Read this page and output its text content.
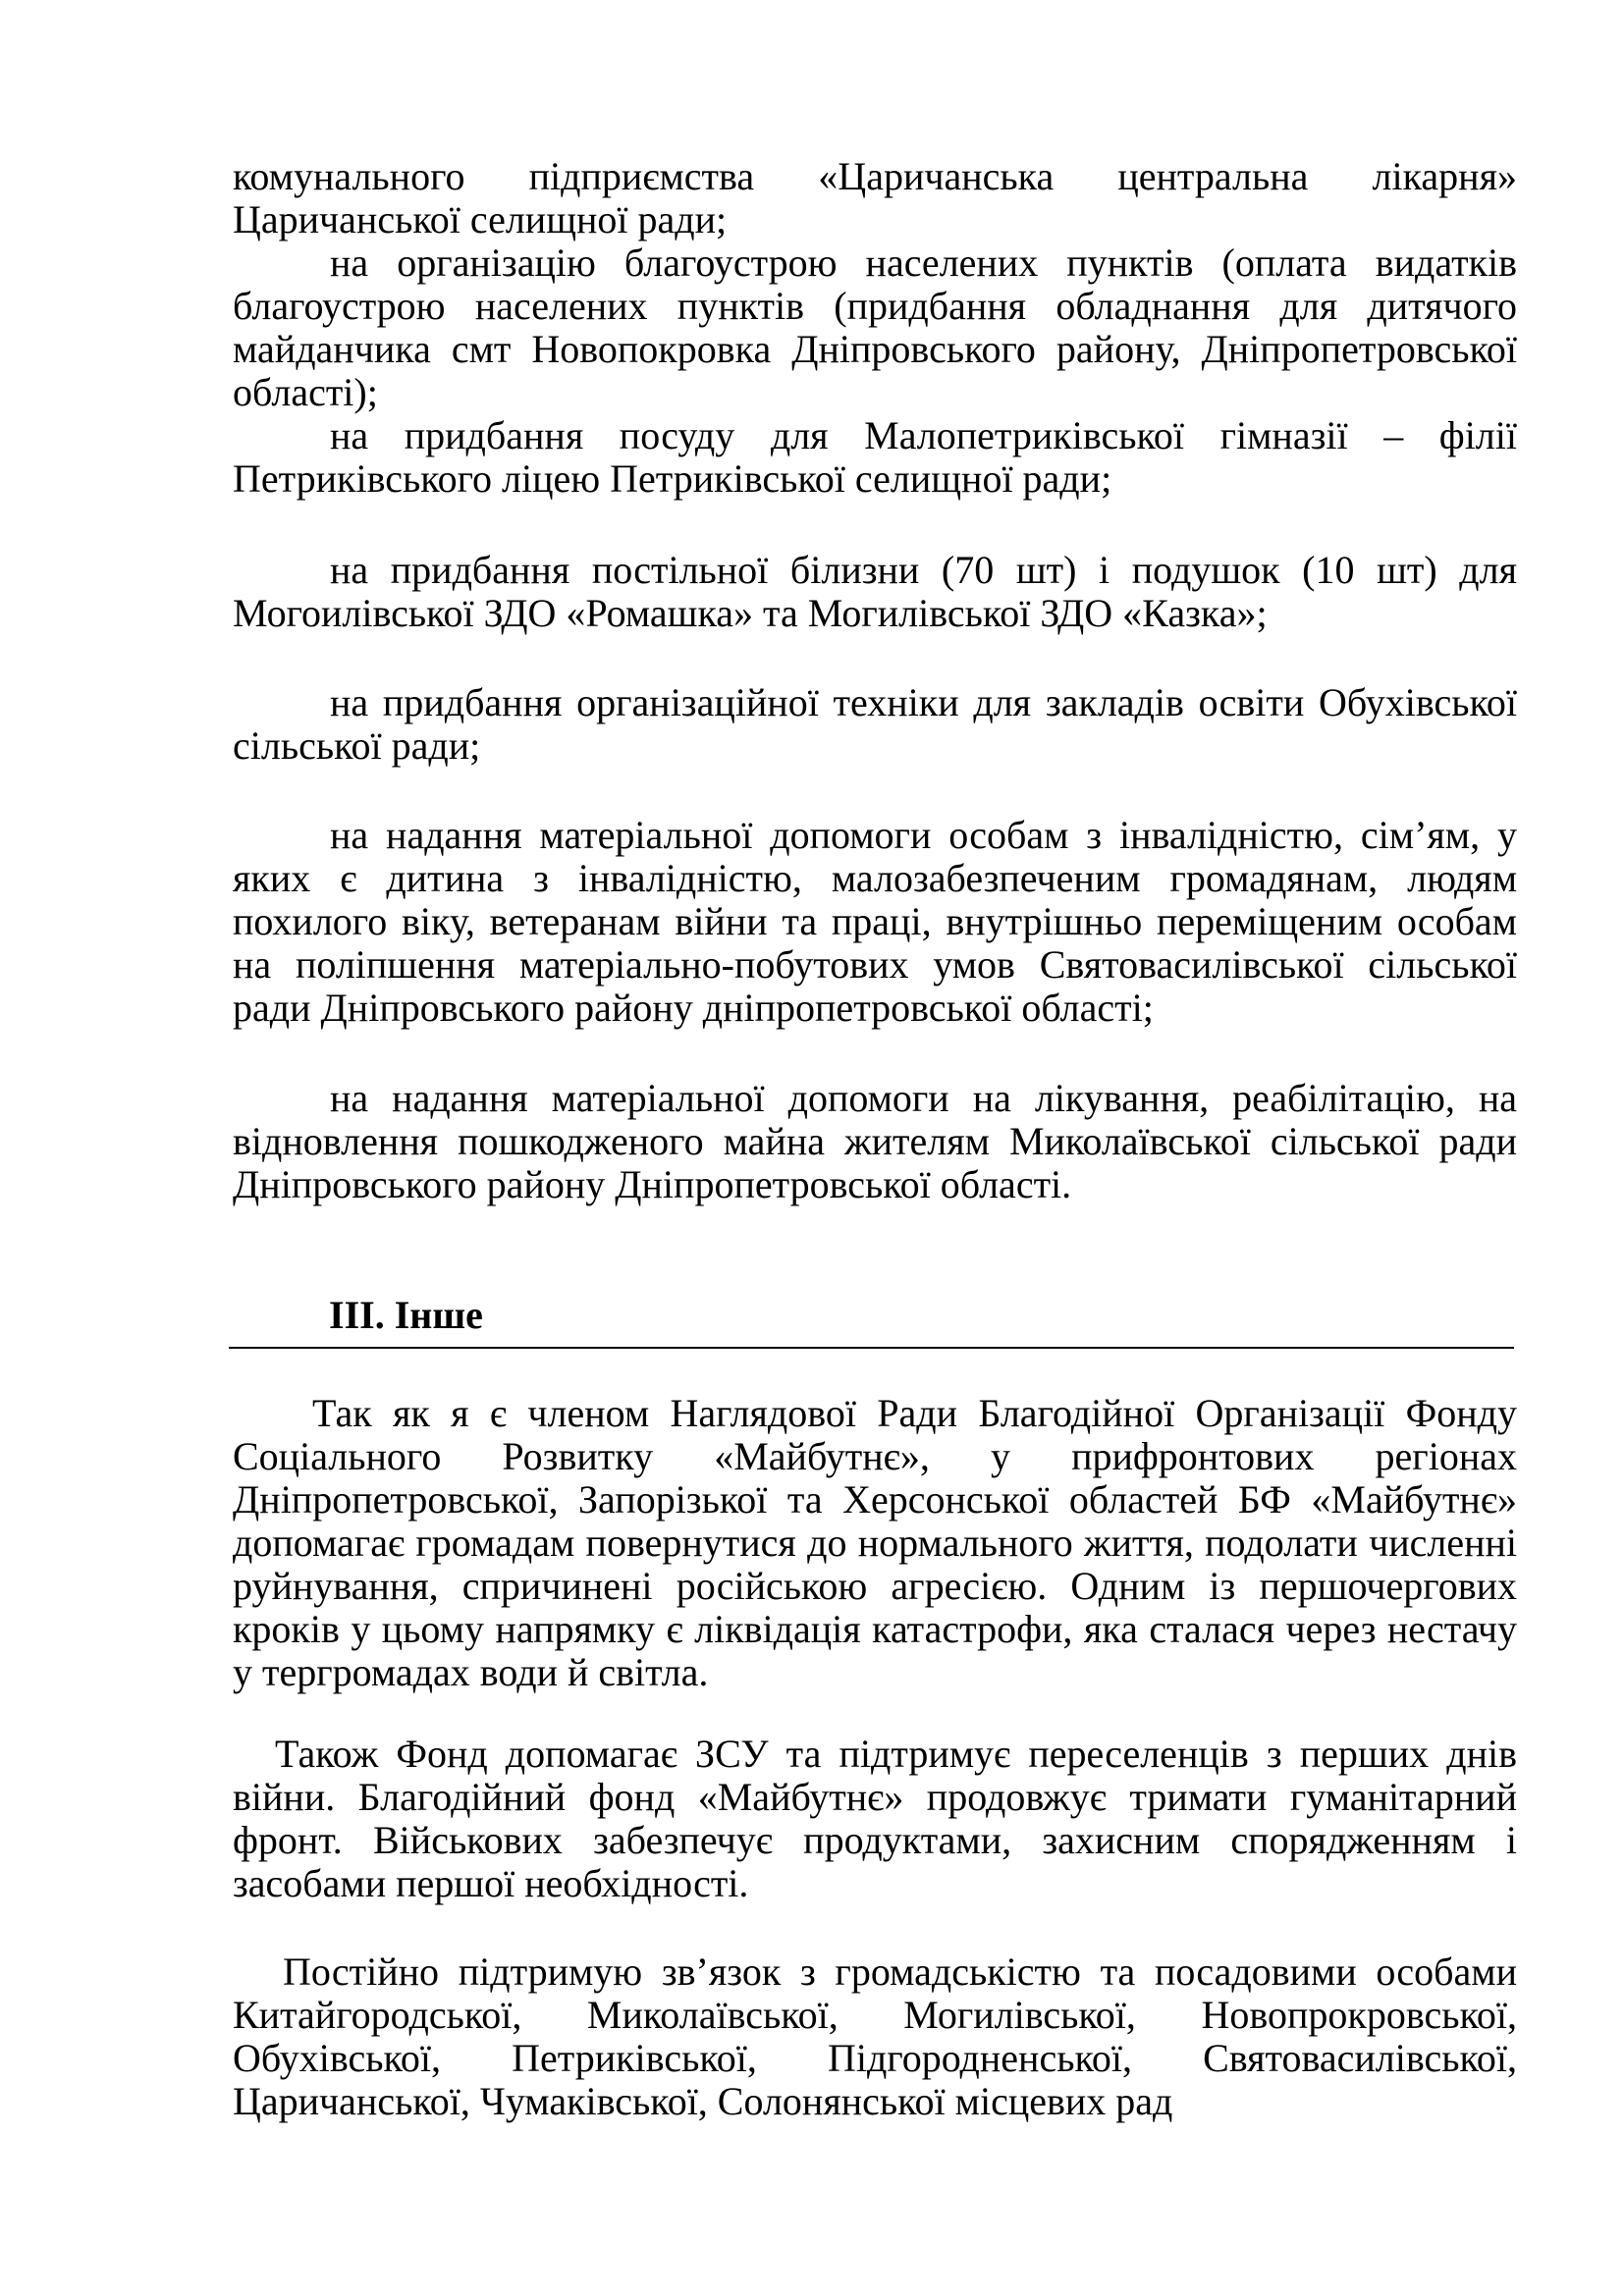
комунального підприємства «Царичанська центральна лікарня» Царичанської селищної ради;

на організацію благоустрою населених пунктів (оплата видатків благоустрою населених пунктів (придбання обладнання для дитячого майданчика смт Новопокровка Дніпровського району, Дніпропетровської області);

на придбання посуду для Малопетриківської гімназії – філії Петриківського ліцею Петриківської селищної ради;

на придбання постільної білизни (70 шт) і подушок (10 шт) для Могоилівської ЗДО «Ромашка» та Могилівської ЗДО «Казка»;

на придбання організаційної техніки для закладів освіти Обухівської сільської ради;

на надання матеріальної допомоги особам з інвалідністю, сім’ям, у яких є дитина з інвалідністю, малозабезпеченим громадянам, людям похилого віку, ветеранам війни та праці, внутрішньо переміщеним особам на поліпшення матеріально-побутових умов Святовасилівської сільської ради Дніпровського району дніпропетровської області;

на надання матеріальної допомоги на лікування, реабілітацію, на відновлення пошкодженого майна жителям Миколаївської сільської ради Дніпровського району Дніпропетровської області.

ІІІ. Інше

Так як я є членом Наглядової Ради Благодійної Організації Фонду Соціального Розвитку «Майбутнє», у прифронтових регіонах Дніпропетровської, Запорізької та Херсонської областей БФ «Майбутнє» допомагає громадам повернутися до нормального життя, подолати численні руйнування, спричинені російською агресією. Одним із першочергових кроків у цьому напрямку є ліквідація катастрофи, яка сталася через нестачу у тергромадах води й світла.

Також Фонд допомагає ЗСУ та підтримує переселенців з перших днів війни. Благодійний фонд «Майбутнє» продовжує тримати гуманітарний фронт. Військових забезпечує продуктами, захисним спорядженням і засобами першої необхідності.

Постійно підтримую зв’язок з громадськістю та посадовими особами Китайгородської, Миколаївської, Могилівської, Новопрокровської, Обухівської, Петриківської, Підгородненської, Святовасилівської, Царичанської, Чумаківської, Солонянської місцевих рад
